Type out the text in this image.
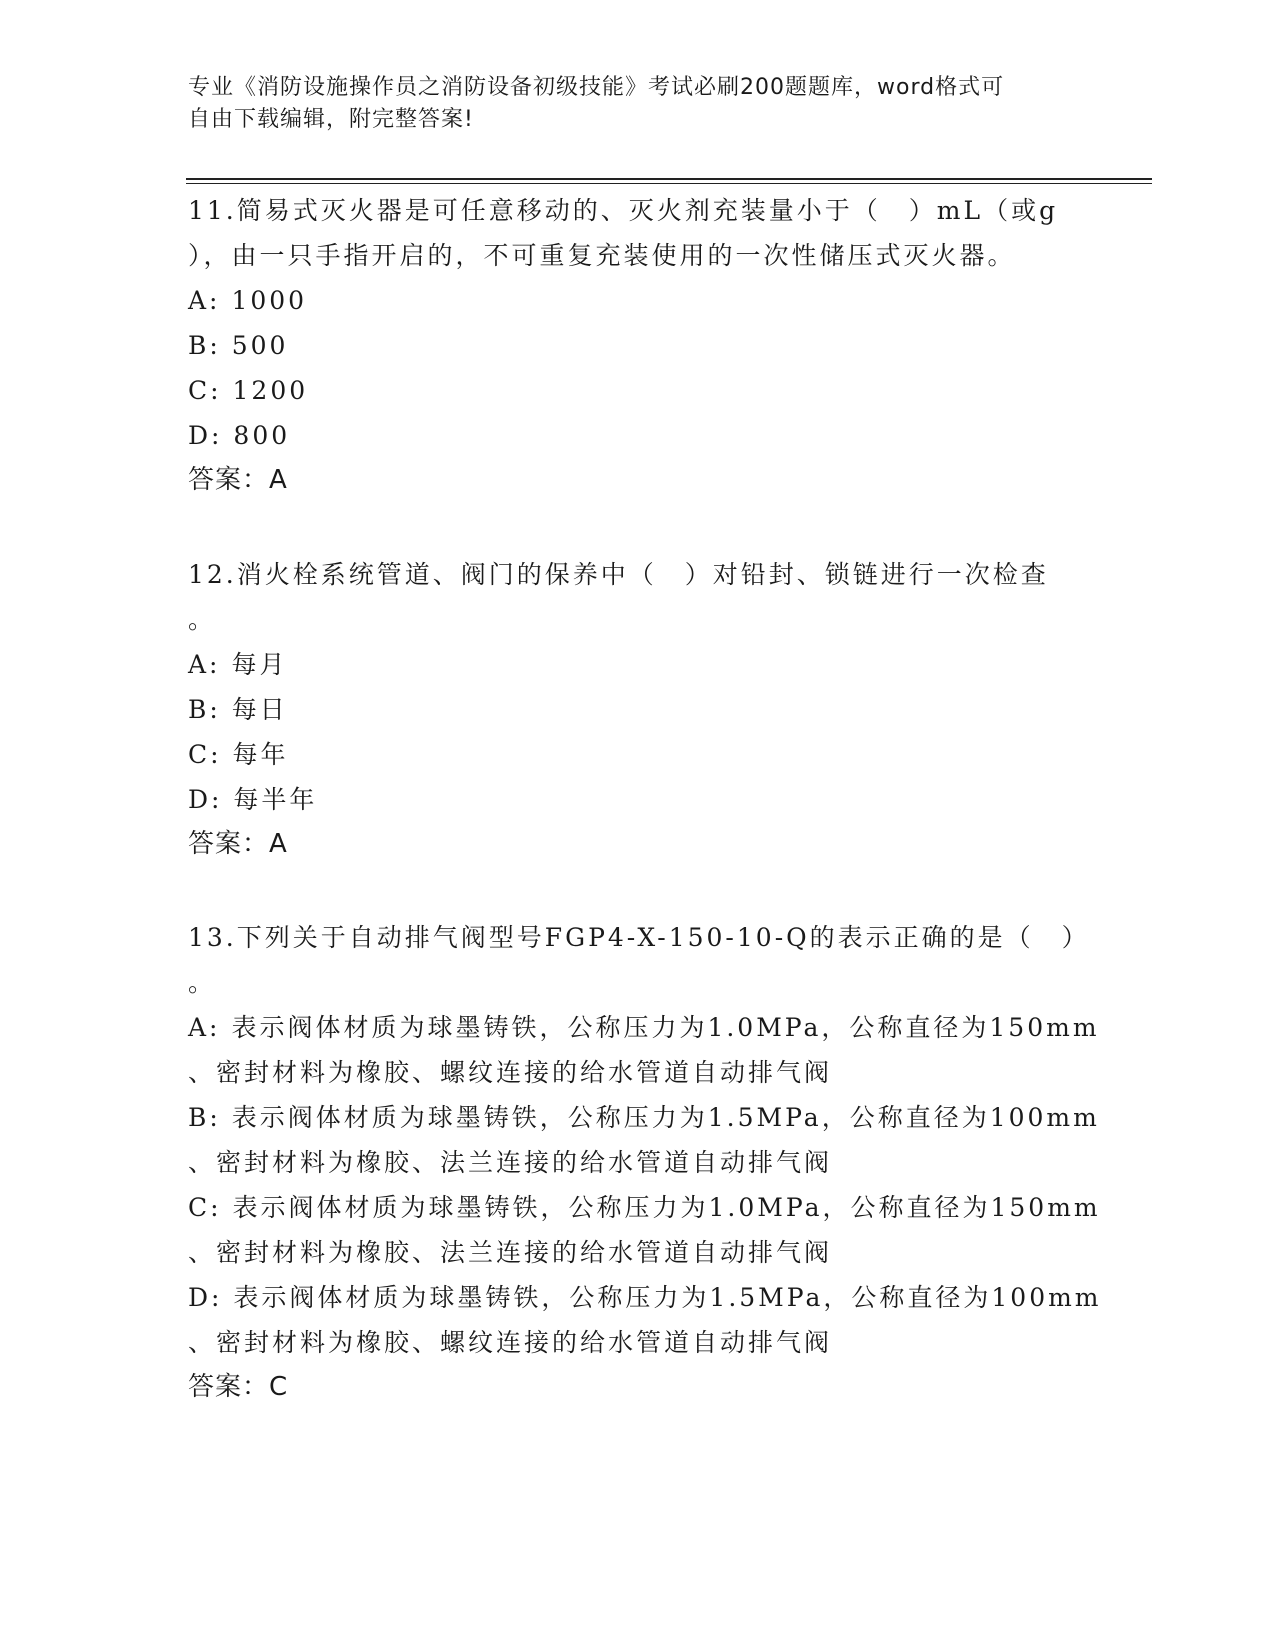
专业《消防设施操作员之消防设备初级技能》考试必刷200题题库，word格式可
自由下载编辑，附完整答案!
11.简易式灭火器是可任意移动的、灭火剂充装量小于（　）mL（或g
），由一只手指开启的，不可重复充装使用的一次性储压式灭火器。
A: 1000
B: 500
C: 1200
D: 800
答案：A
12.消火栓系统管道、阀门的保养中（　）对铅封、锁链进行一次检查
。
A: 每月
B: 每日
C: 每年
D: 每半年
答案：A
13.下列关于自动排气阀型号FGP4-X-150-10-Q的表示正确的是（　）
。
A: 表示阀体材质为球墨铸铁，公称压力为1.0MPa，公称直径为150mm
、密封材料为橡胶、螺纹连接的给水管道自动排气阀
B: 表示阀体材质为球墨铸铁，公称压力为1.5MPa，公称直径为100mm
、密封材料为橡胶、法兰连接的给水管道自动排气阀
C: 表示阀体材质为球墨铸铁，公称压力为1.0MPa，公称直径为150mm
、密封材料为橡胶、法兰连接的给水管道自动排气阀
D: 表示阀体材质为球墨铸铁，公称压力为1.5MPa，公称直径为100mm
、密封材料为橡胶、螺纹连接的给水管道自动排气阀
答案：C
